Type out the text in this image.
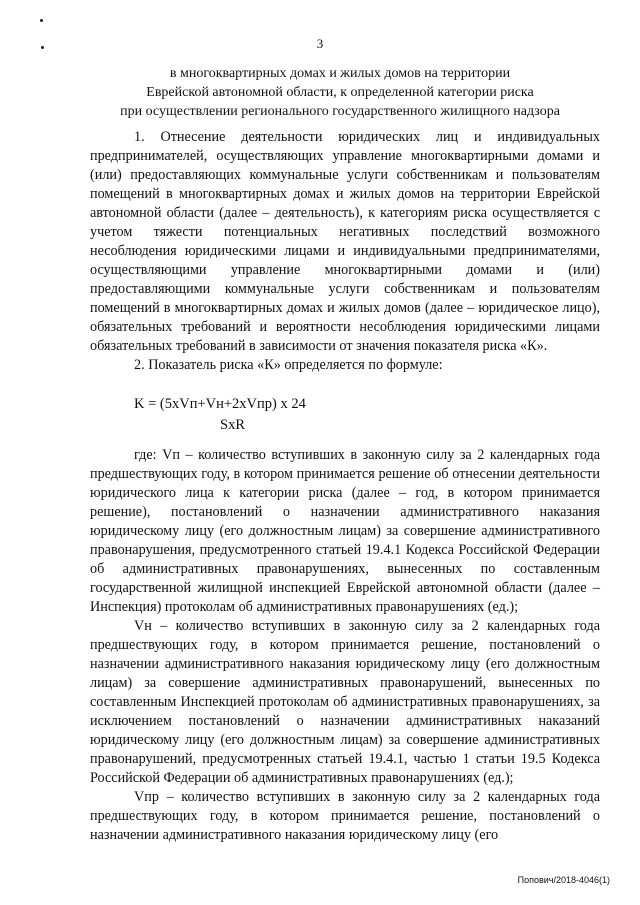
3
в многоквартирных домах и жилых домов на территории
Еврейской автономной области, к определенной категории риска
при осуществлении регионального государственного жилищного надзора

1. Отнесение деятельности юридических лиц и индивидуальных предпринимателей, осуществляющих управление многоквартирными домами и (или) предоставляющих коммунальные услуги собственникам и пользователям помещений в многоквартирных домах и жилых домов на территории Еврейской автономной области (далее – деятельность), к категориям риска осуществляется с учетом тяжести потенциальных негативных последствий возможного несоблюдения юридическими лицами и индивидуальными предпринимателями, осуществляющими управление многоквартирными домами и (или) предоставляющими коммунальные услуги собственникам и пользователям помещений в многоквартирных домах и жилых домов (далее – юридическое лицо), обязательных требований и вероятности несоблюдения юридическими лицами обязательных требований в зависимости от значения показателя риска «К».

2. Показатель риска «К» определяется по формуле:

K = (5xVп+Vн+2xVпр) x 24
SxR

где: Vп – количество вступивших в законную силу за 2 календарных года предшествующих году, в котором принимается решение об отнесении деятельности юридического лица к категории риска (далее – год, в котором принимается решение), постановлений о назначении административного наказания юридическому лицу (его должностным лицам) за совершение административного правонарушения, предусмотренного статьей 19.4.1 Кодекса Российской Федерации об административных правонарушениях, вынесенных по составленным государственной жилищной инспекцией Еврейской автономной области (далее – Инспекция) протоколам об административных правонарушениях (ед.);

Vн – количество вступивших в законную силу за 2 календарных года предшествующих году, в котором принимается решение, постановлений о назначении административного наказания юридическому лицу (его должностным лицам) за совершение административных правонарушений, вынесенных по составленным Инспекцией протоколам об административных правонарушениях, за исключением постановлений о назначении административных наказаний юридическому лицу (его должностным лицам) за совершение административных правонарушений, предусмотренных статьей 19.4.1, частью 1 статьи 19.5 Кодекса Российской Федерации об административных правонарушениях (ед.);

Vпр – количество вступивших в законную силу за 2 календарных года предшествующих году, в котором принимается решение, постановлений о назначении административного наказания юридическому лицу (его

Попович/2018-4046(1)
